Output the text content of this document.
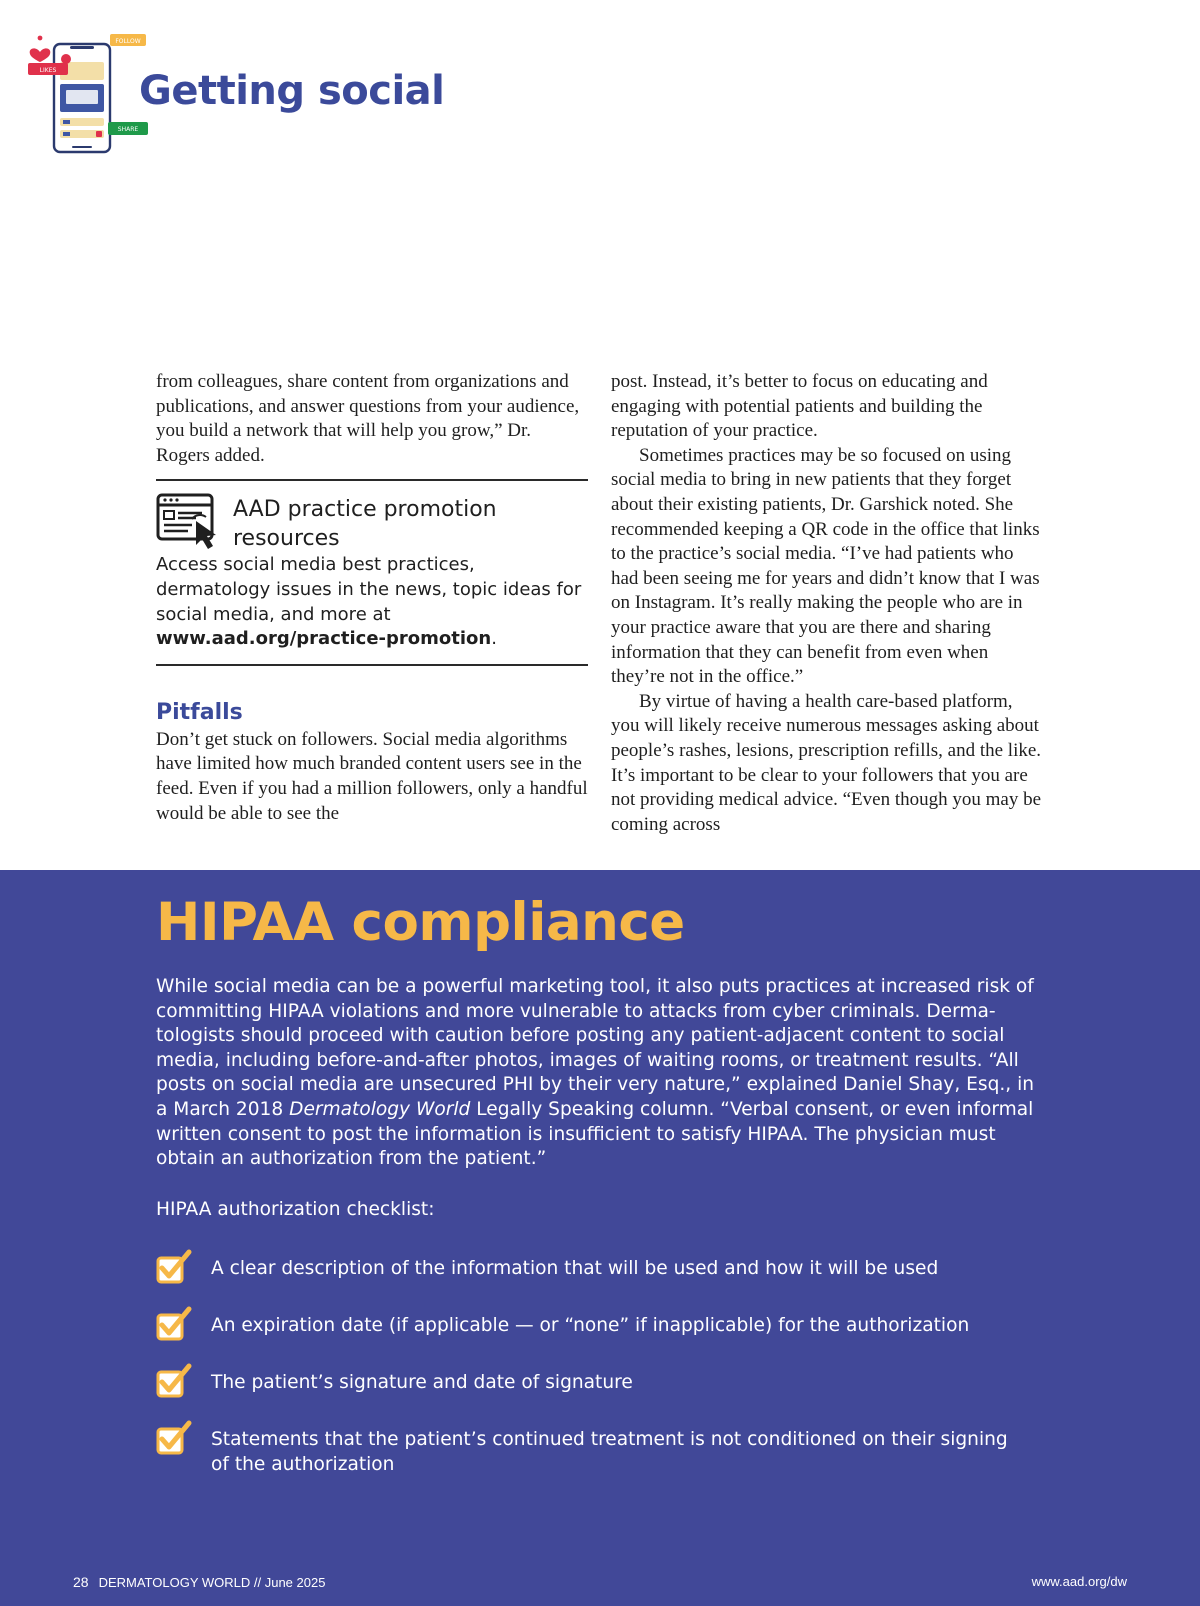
FOLLOW
LIKES
SHARE
Getting social

from colleagues, share content from organizations and publications, and answer questions from your audience, you build a network that will help you grow,” Dr. Rogers added.

AAD practice promotion resources
Access social media best practices, dermatology issues in the news, topic ideas for social media, and more at www.aad.org/practice-promotion.
Pitfalls

Don’t get stuck on followers. Social media algorithms have limited how much branded content users see in the feed. Even if you had a million followers, only a handful would be able to see the

post. Instead, it’s better to focus on educating and engaging with potential patients and building the reputation of your practice.

Sometimes practices may be so focused on using social media to bring in new patients that they forget about their existing patients, Dr. Garshick noted. She recommended keeping a QR code in the office that links to the practice’s social media. “I’ve had patients who had been seeing me for years and didn’t know that I was on Instagram. It’s really making the people who are in your practice aware that you are there and sharing information that they can benefit from even when they’re not in the office.”

By virtue of having a health care-based platform, you will likely receive numerous messages asking about people’s rashes, lesions, prescription refills, and the like. It’s important to be clear to your followers that you are not providing medical advice. “Even though you may be coming across

HIPAA compliance
While social media can be a powerful marketing tool, it also puts practices at increased risk of committing HIPAA violations and more vulnerable to attacks from cyber criminals. Dermatologists should proceed with caution before posting any patient-adjacent content to social media, including before-and-after photos, images of waiting rooms, or treatment results. “All posts on social media are unsecured PHI by their very nature,” explained Daniel Shay, Esq., in a March 2018 Dermatology World Legally Speaking column. “Verbal consent, or even informal written consent to post the information is insufficient to satisfy HIPAA. The physician must obtain an authorization from the patient.”
HIPAA authorization checklist:
A clear description of the information that will be used and how it will be used
An expiration date (if applicable — or “none” if inapplicable) for the authorization
The patient’s signature and date of signature
Statements that the patient’s continued treatment is not conditioned on their signing of the authorization
28 DERMATOLOGY WORLD // June 2025	www.aad.org/dw
